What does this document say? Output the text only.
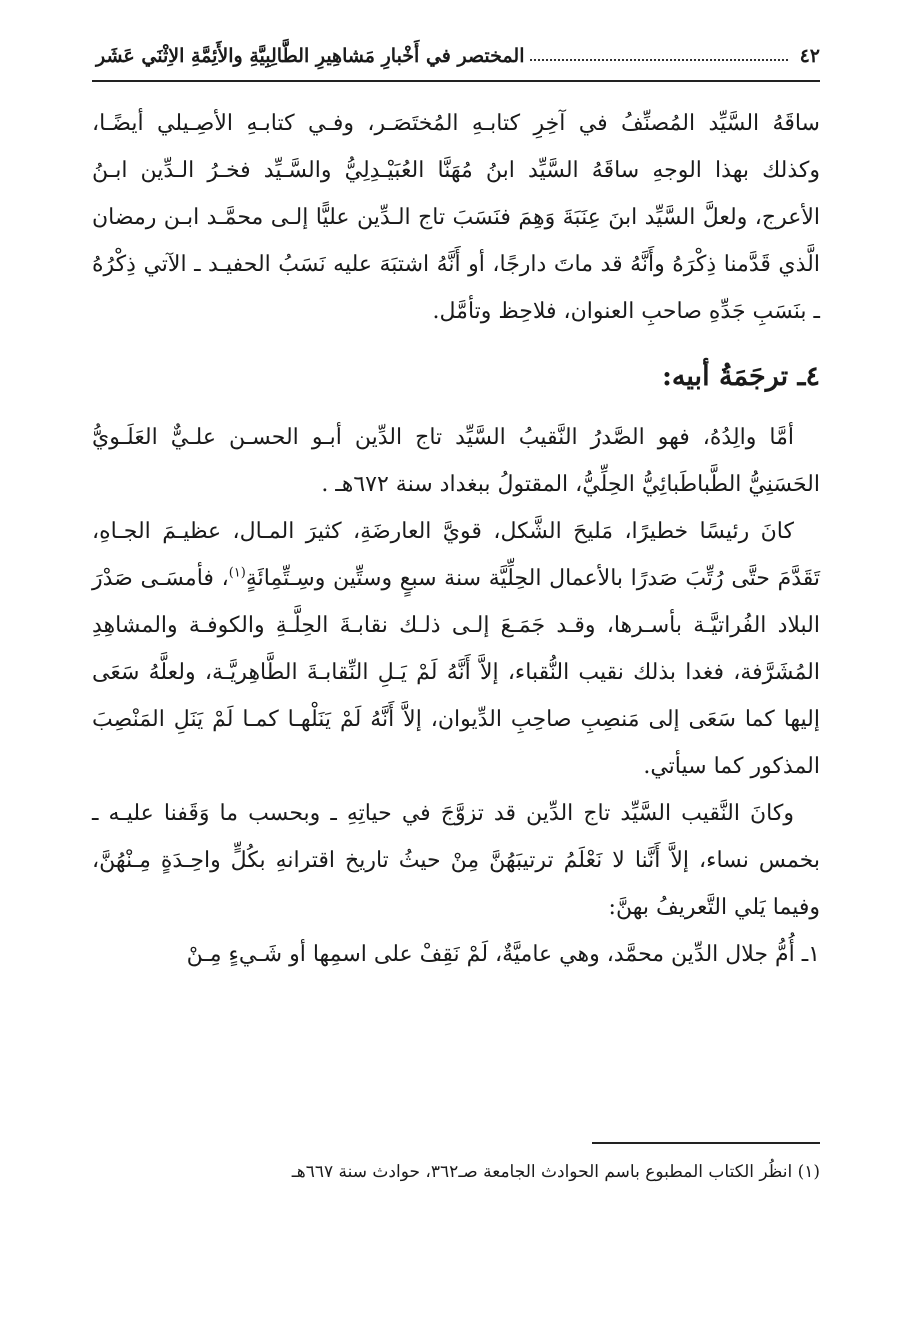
٤٢
المختصر في أَخْبارِ مَشاهِيرِ الطَّالِبِيَّةِ والأَئِمَّةِ الاِثْنَي عَشَر

ساقَهُ السَّيِّد المُصنِّفُ في آخِرِ كتابـهِ المُختَصَـر، وفـي كتابـهِ الأصِـيلي أيضًـا، وكذلك بهذا الوجهِ ساقَهُ السَّيِّد ابنُ مُهَنَّا العُبَيْـدِلِيُّ والسَّـيِّد فخـرُ الـدِّين ابـنُ الأعرج، ولعلَّ السَّيِّد ابنَ عِنَبَةَ وَهِمَ فنَسَبَ تاج الـدِّين عليًّا إلـى محمَّـد ابـن رمضان الَّذي قَدَّمنا ذِكْرَهُ وأَنَّهُ قد ماتَ دارجًا، أو أَنَّهُ اشتبَهَ عليه نَسَبُ الحفيـد ـ الآتي ذِكْرُهُ ـ بنَسَبِ جَدِّهِ صاحبِ العنوان، فلاحِظ وتأمَّل.

٤ـ ترجَمَةُ أبيه:

أمَّا والِدُهُ، فهو الصَّدرُ النَّقيبُ السَّيِّد تاج الدِّين أبـو الحسـن علـيٌّ العَلَـويُّ الحَسَنِيُّ الطَّباطَبائِيُّ الحِلِّيُّ، المقتولُ ببغداد سنة ٦٧٢هـ .

كانَ رئيسًا خطيرًا، مَليحَ الشَّكل، قويَّ العارضَةِ، كثيرَ المـال، عظيـمَ الجـاهِ، تَقَدَّمَ حتَّى رُتِّبَ صَدرًا بالأعمال الحِلِّيَّة سنة سبعٍ وستِّين وسِـتِّمِائَةٍ$^{(١)}$، فأمسَـى صَدْرَ البلاد الفُراتيَّـة بأسـرها، وقـد جَمَـعَ إلـى ذلـك نقابـةَ الحِلَّـةِ والكوفـة والمشاهِدِ المُشَرَّفة، فغدا بذلك نقيب النُّقباء، إلاَّ أَنَّهُ لَمْ يَـلِ النِّقابـةَ الطَّاهِريَّـة، ولعلَّهُ سَعَى إليها كما سَعَى إلى مَنصِبِ صاحِبِ الدِّيوان، إلاَّ أَنَّهُ لَمْ يَنَلْهـا كمـا لَمْ يَنَلِ المَنْصِبَ المذكور كما سيأتي.

وكانَ النَّقيب السَّيِّد تاج الدِّين قد تزوَّجَ في حياتِهِ ـ وبحسب ما وَقَفنا عليـه ـ بخمس نساء، إلاَّ أَنَّنا لا نَعْلَمُ ترتيبَهُنَّ مِنْ حيثُ تاريخ اقترانهِ بكُلٍّ واحِـدَةٍ مِـنْهُنَّ، وفيما يَلي التَّعريفُ بهنَّ:

١ـ أُمُّ جلال الدِّين محمَّد، وهي عاميَّةٌ، لَمْ نَقِفْ على اسمِها أو شَـيءٍ مِـنْ

(١) انظُر الكتاب المطبوع باسم الحوادث الجامعة صـ٣٦٢، حوادث سنة ٦٦٧هـ
